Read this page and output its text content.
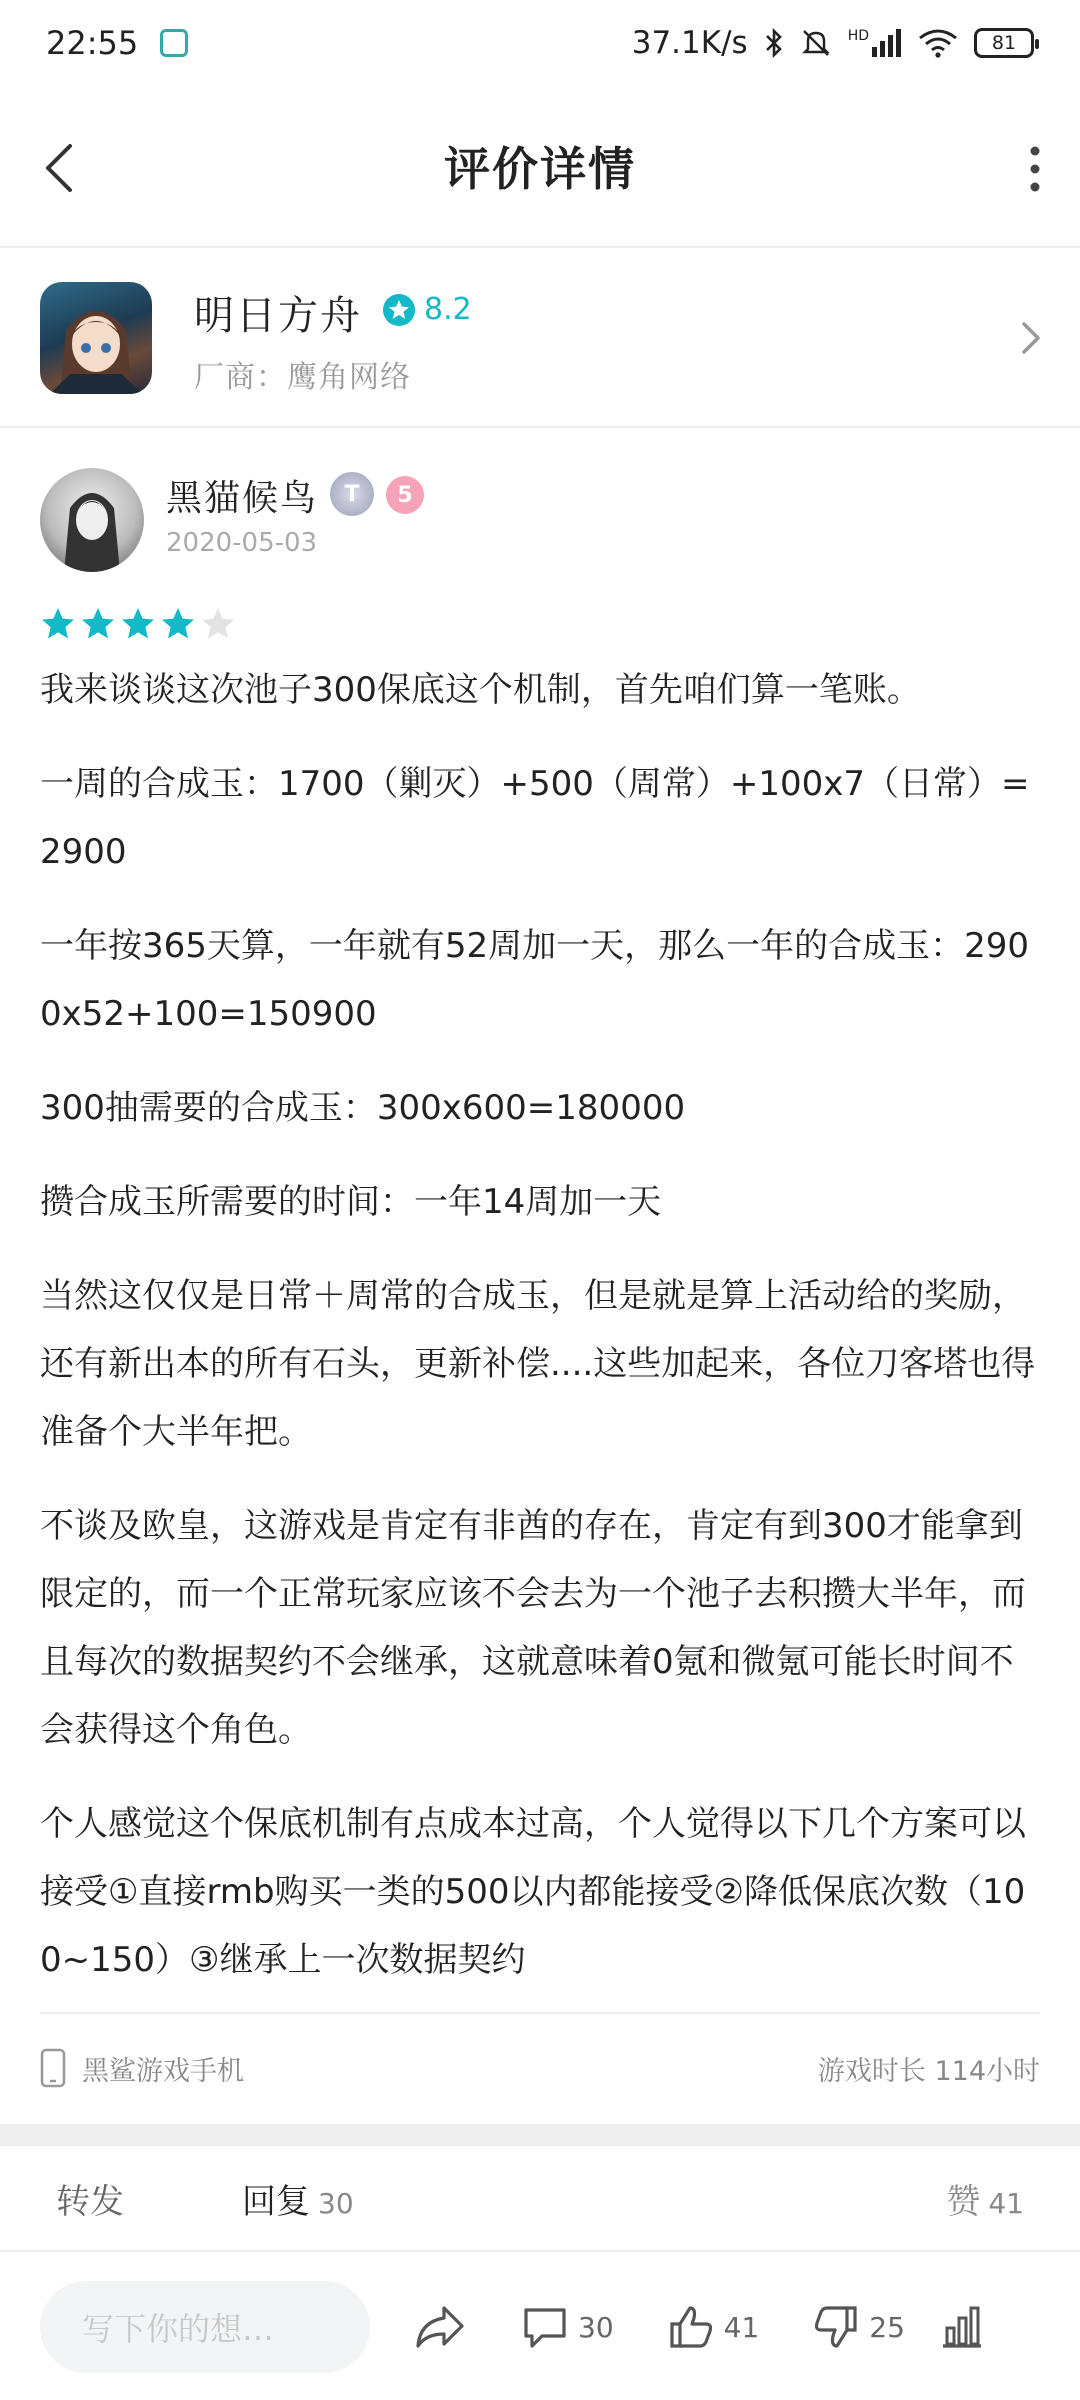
22:55	37.1K/s	HD	81
评价详情
明日方舟 8.2
厂商：鹰角网络
黑猫候鸟	T	5
2020-05-03

我来谈谈这次池子300保底这个机制，首先咱们算一笔账。

一周的合成玉：1700（剿灭）+500（周常）+100x7（日常）=2900

一年按365天算，一年就有52周加一天，那么一年的合成玉：2900x52+100=150900

300抽需要的合成玉：300x600=180000

攒合成玉所需要的时间：一年14周加一天

当然这仅仅是日常＋周常的合成玉，但是就是算上活动给的奖励，还有新出本的所有石头，更新补偿....这些加起来，各位刀客塔也得准备个大半年把。

不谈及欧皇，这游戏是肯定有非酋的存在，肯定有到300才能拿到限定的，而一个正常玩家应该不会去为一个池子去积攒大半年，而且每次的数据契约不会继承，这就意味着0氪和微氪可能长时间不会获得这个角色。

个人感觉这个保底机制有点成本过高，个人觉得以下几个方案可以接受①直接rmb购买一类的500以内都能接受②降低保底次数（100~150）③继承上一次数据契约

黑鲨游戏手机	游戏时长 114小时
转发	回复 30	赞 41
写下你的想…	30	41	25
